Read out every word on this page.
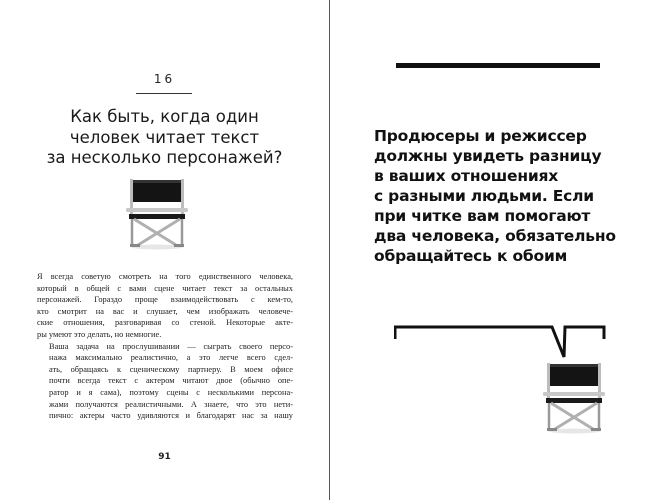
16
Как быть, когда один
человек читает текст
за несколько персонажей?

Я всегда советую смотреть на того единственного человека,
который в общей с вами сцене читает текст за остальных
персонажей. Гораздо проще взаимодействовать с кем-то,
кто смотрит на вас и слушает, чем изображать человече-
ские отношения, разговаривая со стеной. Некоторые акте-
ры умеют это делать, но немногие.

Ваша задача на прослушивании — сыграть своего персо-
нажа максимально реалистично, а это легче всего сдел-
ать, обращаясь к сценическому партнеру. В моем офисе
почти всегда текст с актером читают двое (обычно опе-
ратор и я сама), поэтому сцены с несколькими персона-
жами получаются реалистичными. А знаете, что это нети-
пично: актеры часто удивляются и благодарят нас за нашу

91
Продюсеры и режиссер
должны увидеть разницу
в ваших отношениях
с разными людьми. Если
при читке вам помогают
два человека, обязательно
обращайтесь к обоим
